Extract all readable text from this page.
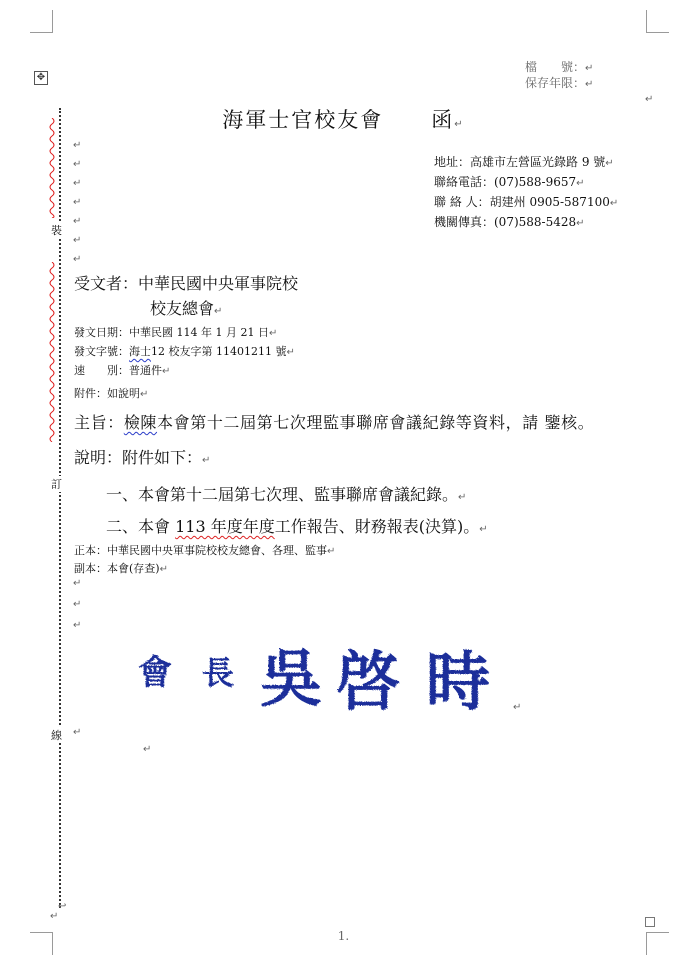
✥
檔　　號：↵
保存年限：↵
↵
海軍士官校友會 函↵
地址：高雄市左營區光錄路 9 號↵
聯絡電話：(07)588-9657↵
聯 絡 人：胡建州 0905-587100↵
機關傳真：(07)588-5428↵
裝
訂
線
↵
↵
↵
↵
↵
↵
↵
受文者：中華民國中央軍事院校
校友總會↵
發文日期：中華民國 114 年 1 月 21 日↵
發文字號：海士12 校友字第 11401211 號↵
速　　別：普通件↵
附件：如說明↵
主旨：檢陳本會第十二屆第七次理監事聯席會議紀錄等資料，請 鑒核。
說明：附件如下：↵
一、本會第十二屆第七次理、監事聯席會議紀錄。↵
二、本會 113 年度年度工作報告、財務報表(決算)。↵
正本：中華民國中央軍事院校校友總會、各理、監事↵
副本：本會(存查)↵
↵
↵
↵
會 長 吳 啓 時 ↵
↵
↵
↵
↩
1.
